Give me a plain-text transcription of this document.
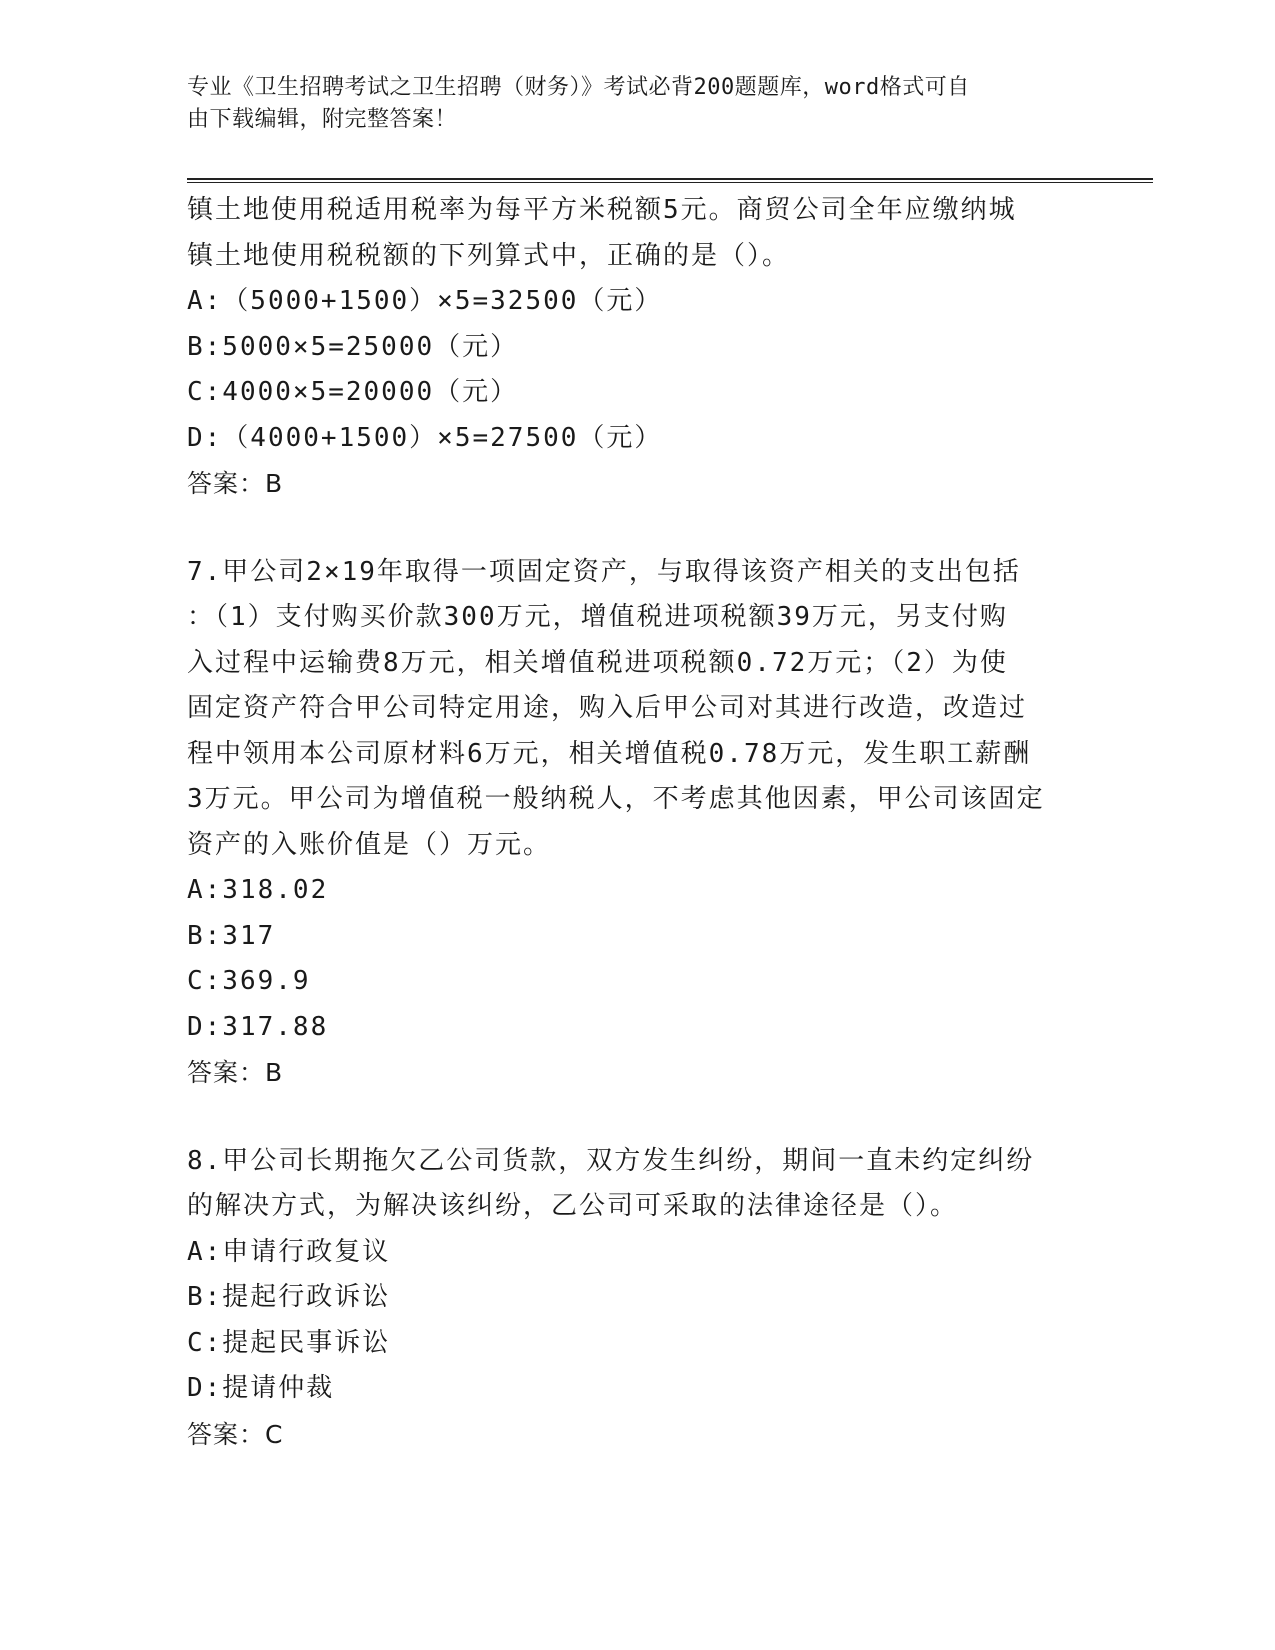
专业《卫生招聘考试之卫生招聘（财务）》考试必背200题题库，word格式可自
由下载编辑，附完整答案！
镇土地使用税适用税率为每平方米税额5元。商贸公司全年应缴纳城
镇土地使用税税额的下列算式中，正确的是（）。
A:（5000+1500）×5=32500（元）
B:5000×5=25000（元）
C:4000×5=20000（元）
D:（4000+1500）×5=27500（元）
答案：B
7.甲公司2×19年取得一项固定资产，与取得该资产相关的支出包括
：（1）支付购买价款300万元，增值税进项税额39万元，另支付购
入过程中运输费8万元，相关增值税进项税额0.72万元；（2）为使
固定资产符合甲公司特定用途，购入后甲公司对其进行改造，改造过
程中领用本公司原材料6万元，相关增值税0.78万元，发生职工薪酬
3万元。甲公司为增值税一般纳税人，不考虑其他因素，甲公司该固定
资产的入账价值是（）万元。
A:318.02
B:317
C:369.9
D:317.88
答案：B
8.甲公司长期拖欠乙公司货款，双方发生纠纷，期间一直未约定纠纷
的解决方式，为解决该纠纷，乙公司可采取的法律途径是（）。
A:申请行政复议
B:提起行政诉讼
C:提起民事诉讼
D:提请仲裁
答案：C
